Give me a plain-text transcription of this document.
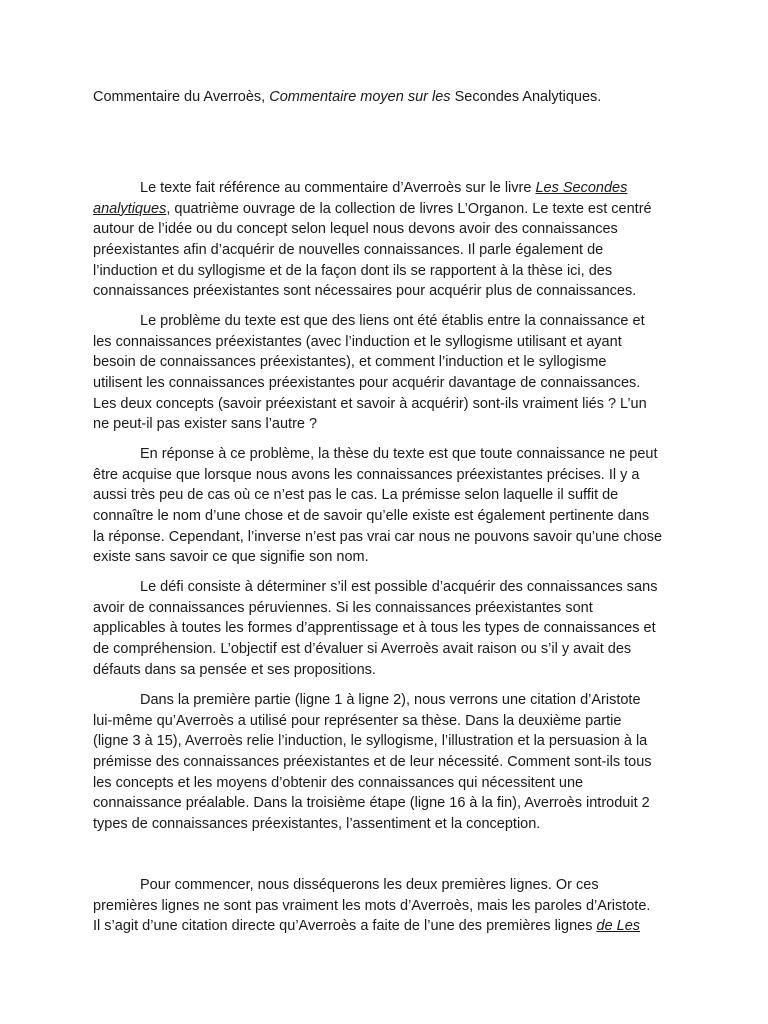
Commentaire du Averroès, Commentaire moyen sur les Secondes Analytiques.
Le texte fait référence au commentaire d’Averroès sur le livre Les Secondes
analytiques, quatrième ouvrage de la collection de livres L’Organon. Le texte est centré
autour de l’idée ou du concept selon lequel nous devons avoir des connaissances
préexistantes afin d’acquérir de nouvelles connaissances. Il parle également de
l’induction et du syllogisme et de la façon dont ils se rapportent à la thèse ici, des
connaissances préexistantes sont nécessaires pour acquérir plus de connaissances.
Le problème du texte est que des liens ont été établis entre la connaissance et
les connaissances préexistantes (avec l’induction et le syllogisme utilisant et ayant
besoin de connaissances préexistantes), et comment l’induction et le syllogisme
utilisent les connaissances préexistantes pour acquérir davantage de connaissances.
Les deux concepts (savoir préexistant et savoir à acquérir) sont-ils vraiment liés ? L’un
ne peut-il pas exister sans l’autre ?
En réponse à ce problème, la thèse du texte est que toute connaissance ne peut
être acquise que lorsque nous avons les connaissances préexistantes précises. Il y a
aussi très peu de cas où ce n’est pas le cas. La prémisse selon laquelle il suffit de
connaître le nom d’une chose et de savoir qu’elle existe est également pertinente dans
la réponse. Cependant, l’inverse n’est pas vrai car nous ne pouvons savoir qu’une chose
existe sans savoir ce que signifie son nom.
Le défi consiste à déterminer s’il est possible d’acquérir des connaissances sans
avoir de connaissances péruviennes. Si les connaissances préexistantes sont
applicables à toutes les formes d’apprentissage et à tous les types de connaissances et
de compréhension. L’objectif est d’évaluer si Averroès avait raison ou s’il y avait des
défauts dans sa pensée et ses propositions.
Dans la première partie (ligne 1 à ligne 2), nous verrons une citation d’Aristote
lui-même qu’Averroès a utilisé pour représenter sa thèse. Dans la deuxième partie
(ligne 3 à 15), Averroès relie l’induction, le syllogisme, l’illustration et la persuasion à la
prémisse des connaissances préexistantes et de leur nécessité. Comment sont-ils tous
les concepts et les moyens d’obtenir des connaissances qui nécessitent une
connaissance préalable. Dans la troisième étape (ligne 16 à la fin), Averroès introduit 2
types de connaissances préexistantes, l’assentiment et la conception.
Pour commencer, nous disséquerons les deux premières lignes. Or ces
premières lignes ne sont pas vraiment les mots d’Averroès, mais les paroles d’Aristote.
Il s’agit d’une citation directe qu’Averroès a faite de l’une des premières lignes de Les
